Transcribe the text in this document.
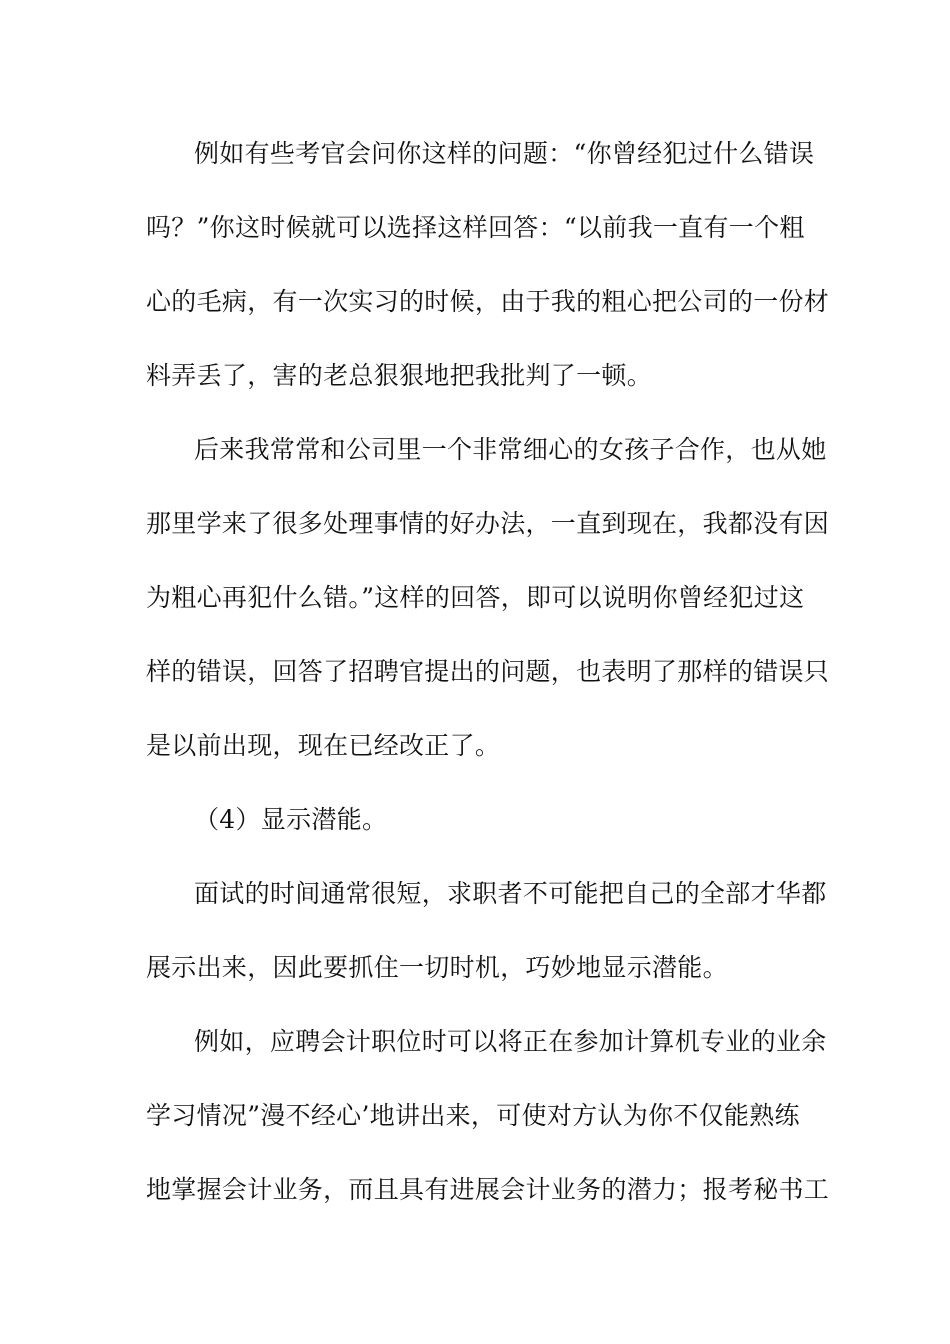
例如有些考官会问你这样的问题：“你曾经犯过什么错误
吗？”你这时候就可以选择这样回答：“以前我一直有一个粗
心的毛病，有一次实习的时候，由于我的粗心把公司的一份材
料弄丢了，害的老总狠狠地把我批判了一顿。
后来我常常和公司里一个非常细心的女孩子合作，也从她
那里学来了很多处理事情的好办法，一直到现在，我都没有因
为粗心再犯什么错。”这样的回答，即可以说明你曾经犯过这
样的错误，回答了招聘官提出的问题，也表明了那样的错误只
是以前出现，现在已经改正了。
（4）显示潜能。
面试的时间通常很短，求职者不可能把自己的全部才华都
展示出来，因此要抓住一切时机，巧妙地显示潜能。
例如，应聘会计职位时可以将正在参加计算机专业的业余
学习情况”漫不经心’地讲出来，可使对方认为你不仅能熟练
地掌握会计业务，而且具有进展会计业务的潜力；报考秘书工
